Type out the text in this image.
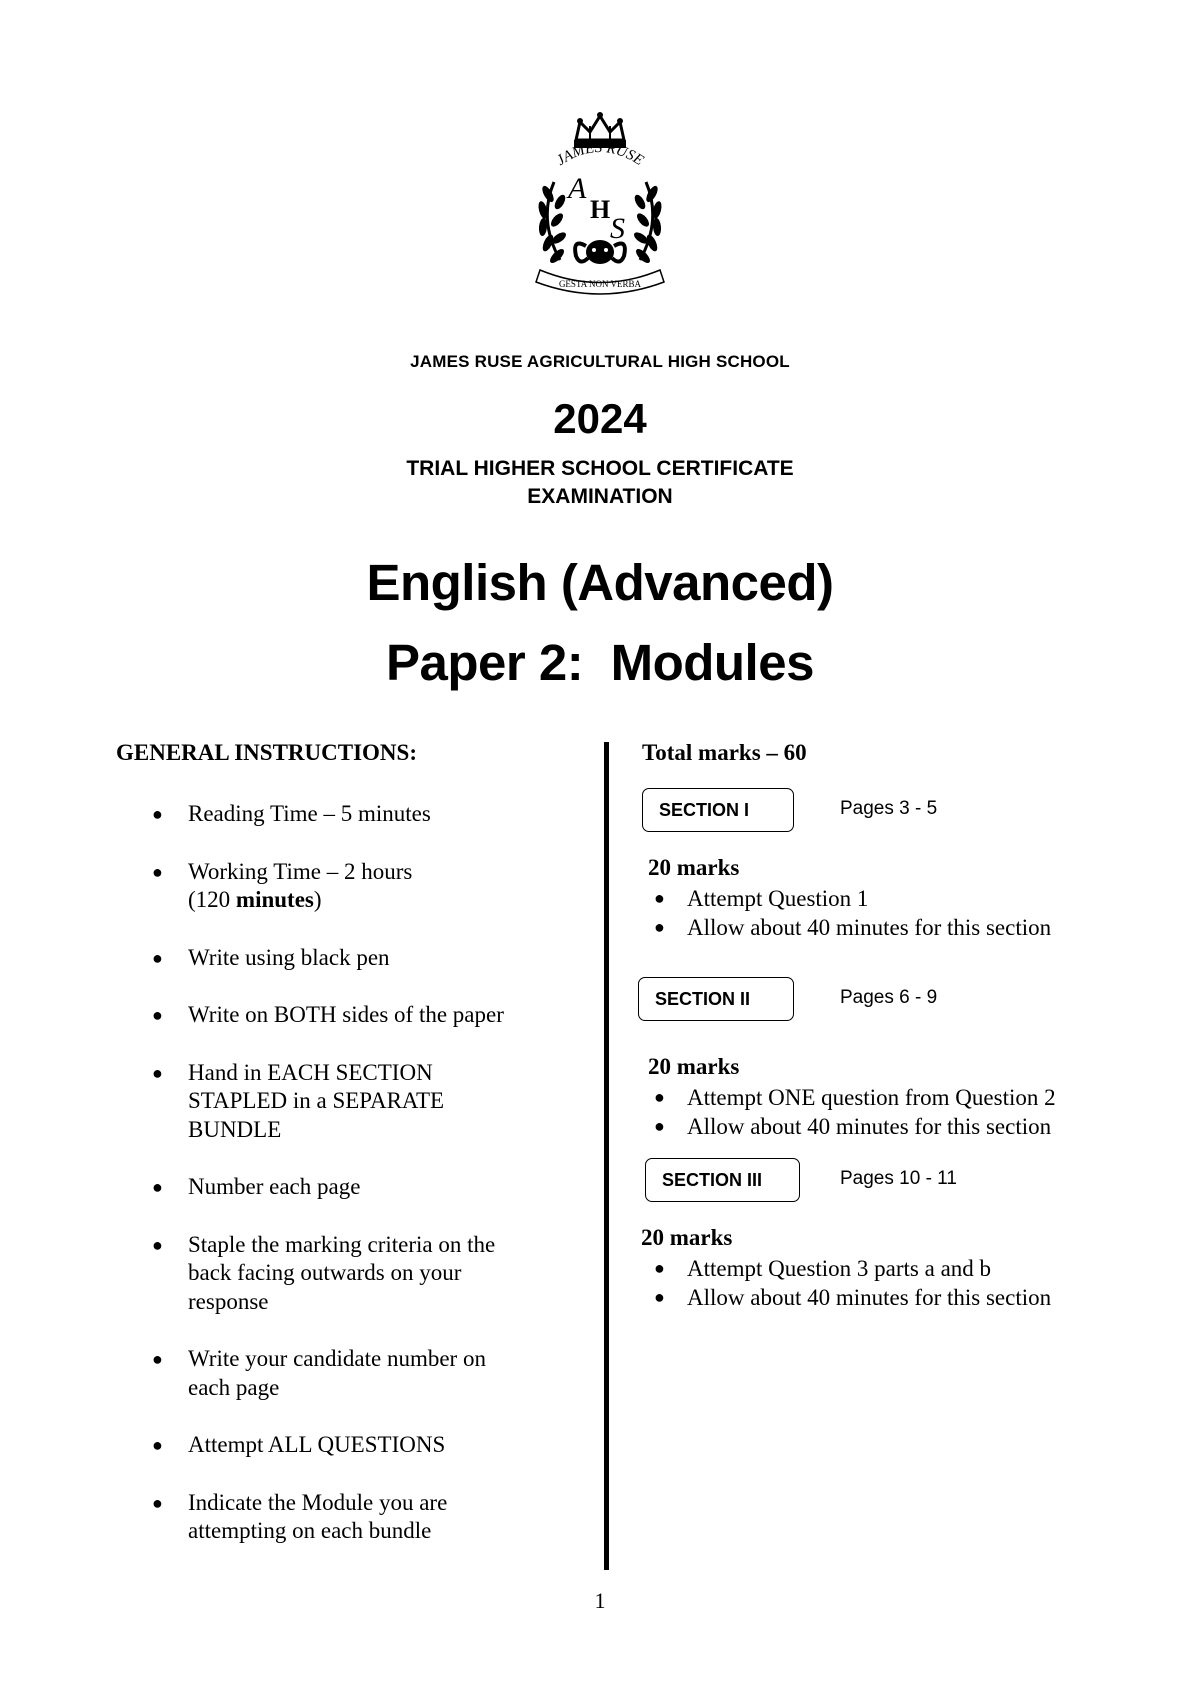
JAMES RUSE
A
H
S
GESTA NON VERBA
JAMES RUSE AGRICULTURAL HIGH SCHOOL
2024
TRIAL HIGHER SCHOOL CERTIFICATE
EXAMINATION
English (Advanced)
Paper 2:  Modules
GENERAL INSTRUCTIONS:
● Reading Time – 5 minutes
● Working Time – 2 hours
(120 minutes)
● Write using black pen
● Write on BOTH sides of the paper
● Hand in EACH SECTION STAPLED in a SEPARATE BUNDLE
● Number each page
● Staple the marking criteria on the back facing outwards on your response
● Write your candidate number on each page
● Attempt ALL QUESTIONS
● Indicate the Module you are attempting on each bundle
Total marks – 60
SECTION I	Pages 3 - 5
20 marks
● Attempt Question 1
● Allow about 40 minutes for this section
SECTION II	Pages 6 - 9
20 marks
● Attempt ONE question from Question 2
● Allow about 40 minutes for this section
SECTION III	Pages 10 - 11
20 marks
● Attempt Question 3 parts a and b
● Allow about 40 minutes for this section
1
